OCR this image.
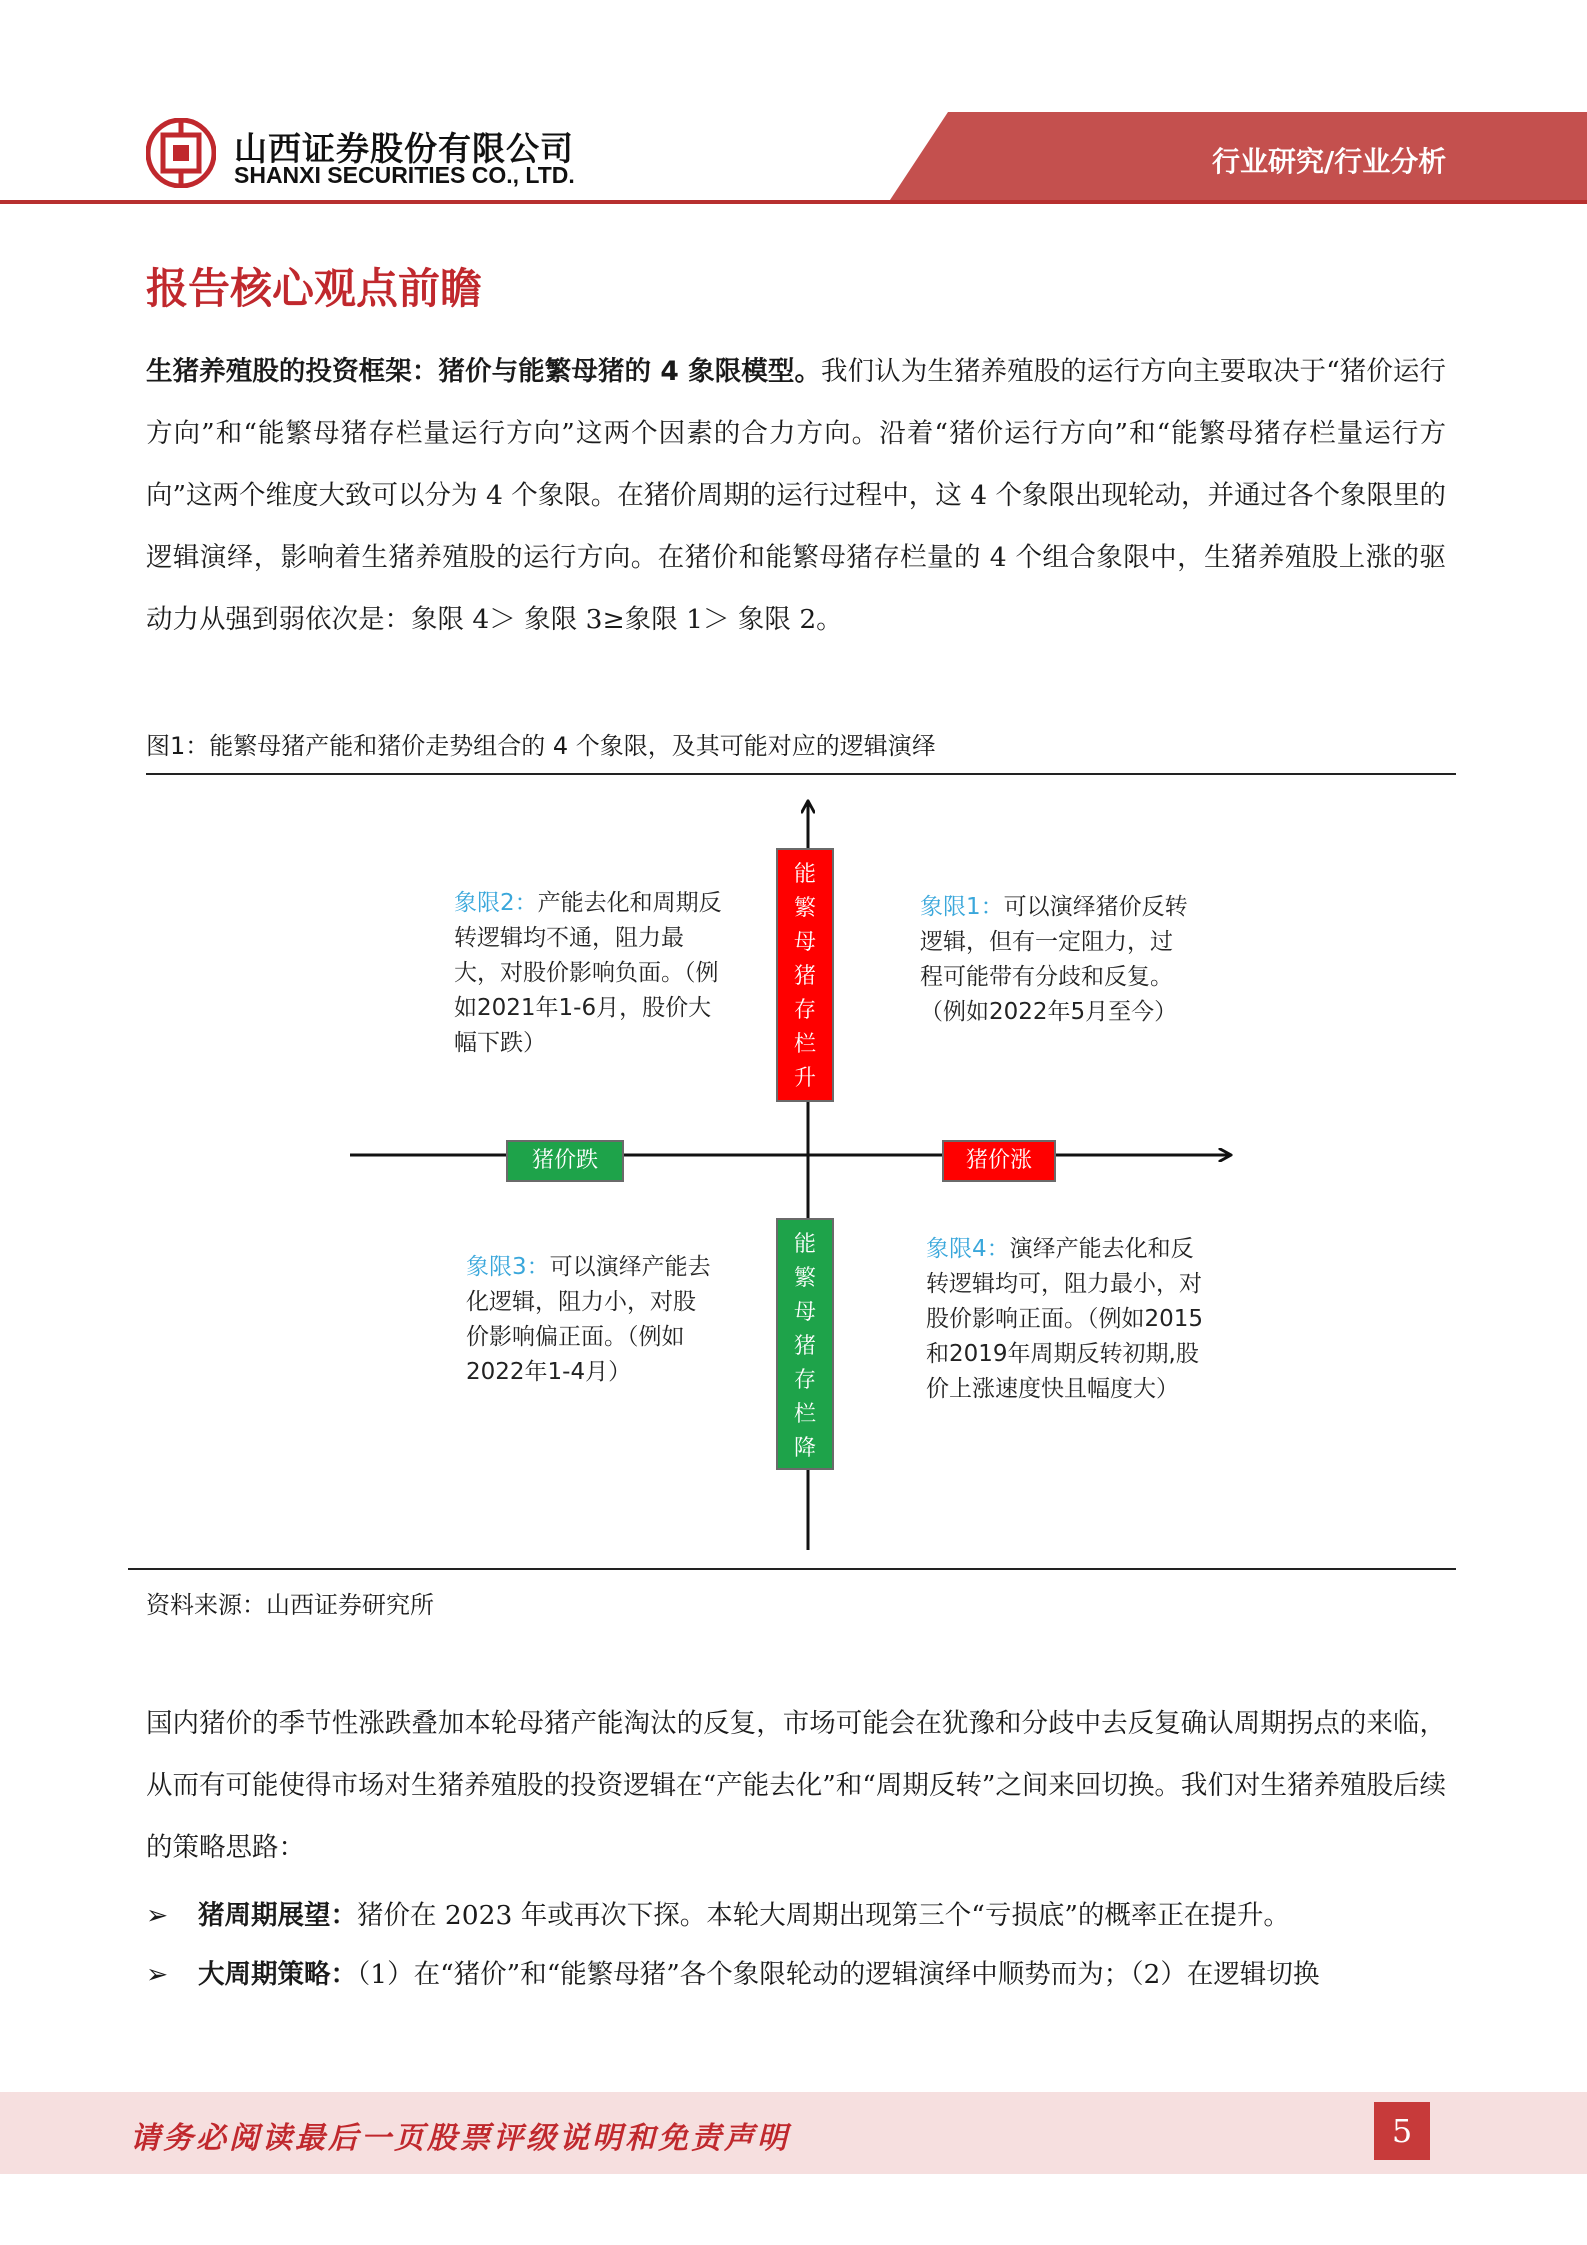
行业研究/行业分析
山西证券股份有限公司
SHANXI SECURITIES CO., LTD.
报告核心观点前瞻
生猪养殖股的投资框架：猪价与能繁母猪的 4 象限模型。我们认为生猪养殖股的运行方向主要取决于“猪价运行方向”和“能繁母猪存栏量运行方向”这两个因素的合力方向。沿着“猪价运行方向”和“能繁母猪存栏量运行方向”这两个维度大致可以分为 4 个象限。在猪价周期的运行过程中，这 4 个象限出现轮动，并通过各个象限里的逻辑演绎，影响着生猪养殖股的运行方向。在猪价和能繁母猪存栏量的 4 个组合象限中，生猪养殖股上涨的驱动力从强到弱依次是：象限 4＞ 象限 3≥象限 1＞ 象限 2。
图1：能繁母猪产能和猪价走势组合的 4 个象限，及其可能对应的逻辑演绎
能
繁
母
猪
存
栏
升
能
繁
母
猪
存
栏
降
猪价跌	猪价涨
象限2：产能去化和周期反转逻辑均不通，阻力最大，对股价影响负面。（例如2021年1-6月，股价大幅下跌）
象限1：可以演绎猪价反转逻辑，但有一定阻力，过程可能带有分歧和反复。（例如2022年5月至今）
象限3：可以演绎产能去化逻辑，阻力小，对股价影响偏正面。（例如2022年1-4月）
象限4：演绎产能去化和反转逻辑均可，阻力最小，对股价影响正面。（例如2015和2019年周期反转初期,股价上涨速度快且幅度大）
资料来源：山西证券研究所
国内猪价的季节性涨跌叠加本轮母猪产能淘汰的反复，市场可能会在犹豫和分歧中去反复确认周期拐点的来临，从而有可能使得市场对生猪养殖股的投资逻辑在“产能去化”和“周期反转”之间来回切换。我们对生猪养殖股后续的策略思路：
➢ 猪周期展望：猪价在 2023 年或再次下探。本轮大周期出现第三个“亏损底”的概率正在提升。
➢ 大周期策略：（1）在“猪价”和“能繁母猪”各个象限轮动的逻辑演绎中顺势而为；（2）在逻辑切换
请务必阅读最后一页股票评级说明和免责声明	5
